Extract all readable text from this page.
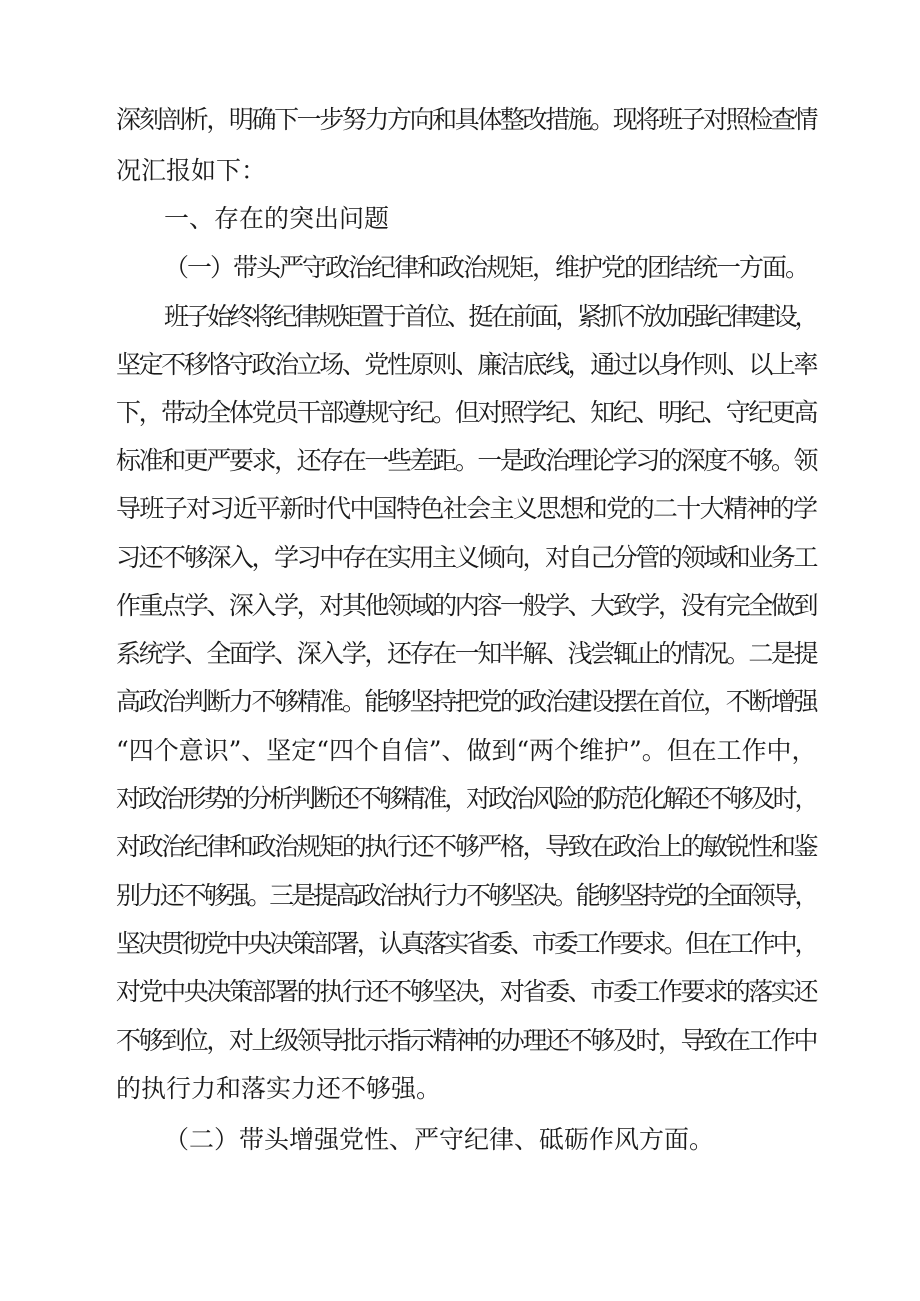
深刻剖析，明确下一步努力方向和具体整改措施。现将班子对照检查情
况汇报如下：
一、存在的突出问题
（一）带头严守政治纪律和政治规矩，维护党的团结统一方面。
班子始终将纪律规矩置于首位、挺在前面，紧抓不放加强纪律建设，
坚定不移恪守政治立场、党性原则、廉洁底线，通过以身作则、以上率
下，带动全体党员干部遵规守纪。但对照学纪、知纪、明纪、守纪更高
标准和更严要求，还存在一些差距。一是政治理论学习的深度不够。领
导班子对习近平新时代中国特色社会主义思想和党的二十大精神的学
习还不够深入，学习中存在实用主义倾向，对自己分管的领域和业务工
作重点学、深入学，对其他领域的内容一般学、大致学，没有完全做到
系统学、全面学、深入学，还存在一知半解、浅尝辄止的情况。二是提
高政治判断力不够精准。能够坚持把党的政治建设摆在首位，不断增强
“四个意识”、坚定“四个自信”、做到“两个维护”。但在工作中，
对政治形势的分析判断还不够精准，对政治风险的防范化解还不够及时，
对政治纪律和政治规矩的执行还不够严格，导致在政治上的敏锐性和鉴
别力还不够强。三是提高政治执行力不够坚决。能够坚持党的全面领导，
坚决贯彻党中央决策部署，认真落实省委、市委工作要求。但在工作中，
对党中央决策部署的执行还不够坚决，对省委、市委工作要求的落实还
不够到位，对上级领导批示指示精神的办理还不够及时，导致在工作中
的执行力和落实力还不够强。
（二）带头增强党性、严守纪律、砥砺作风方面。
